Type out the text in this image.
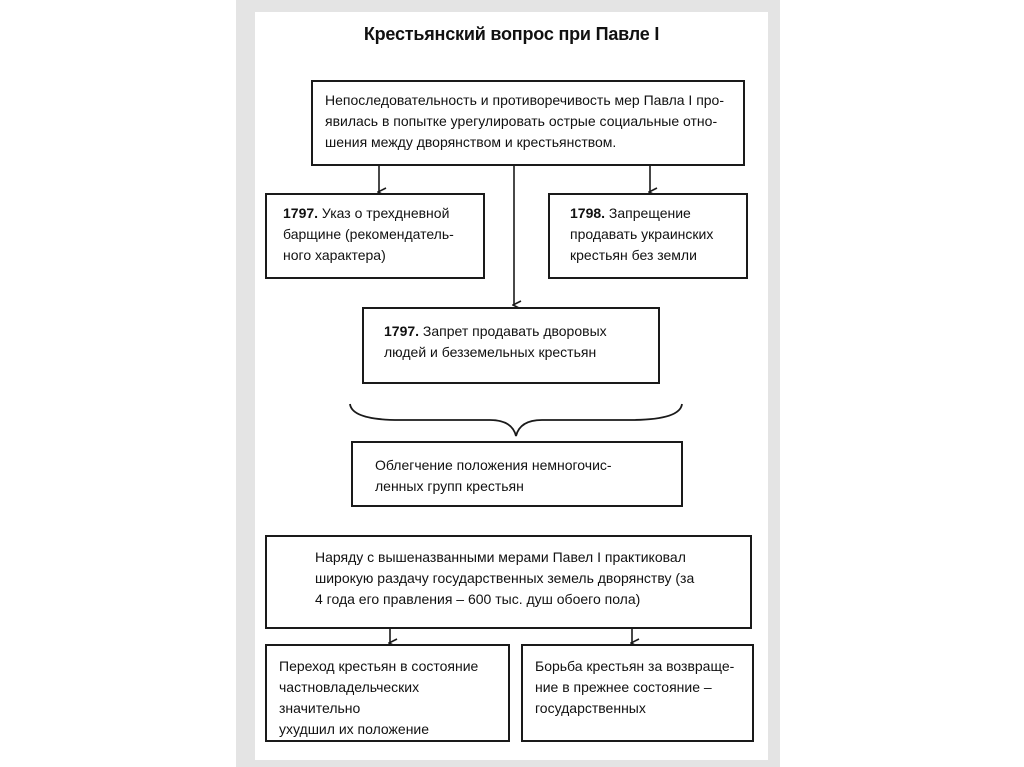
Крестьянский вопрос при Павле I
Непоследовательность и противоречивость мер Павла I про-
явилась в попытке урегулировать острые социальные отно-
шения между дворянством и крестьянством.
1797. Указ о трехдневной
барщине (рекомендатель-
ного характера)
1798. Запрещение
продавать украинских
крестьян без земли
1797. Запрет продавать дворовых
людей и безземельных крестьян
Облегчение положения немногочис-
ленных групп крестьян
Наряду с вышеназванными мерами Павел I практиковал
широкую раздачу государственных земель дворянству (за
4 года его правления – 600 тыс. душ обоего пола)
Переход крестьян в состояние
частновладельческих значительно
ухудшил их положение
Борьба крестьян за возвраще-
ние в прежнее состояние –
государственных
